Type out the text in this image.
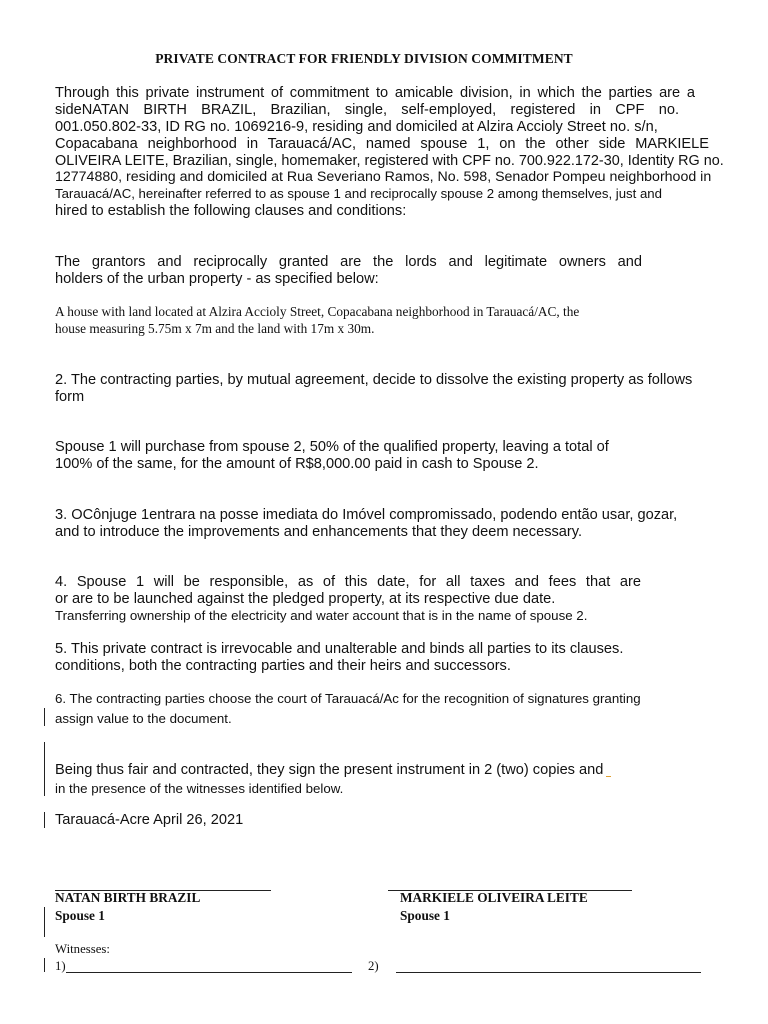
PRIVATE CONTRACT FOR FRIENDLY DIVISION COMMITMENT
Through this private instrument of commitment to amicable division, in which the parties are a
sideNATAN BIRTH BRAZIL, Brazilian, single, self-employed, registered in CPF no.
001.050.802-33, ID RG no. 1069216-9, residing and domiciled at Alzira Accioly Street no. s/n,
Copacabana neighborhood in Tarauacá/AC, named spouse 1, on the other side MARKIELE
OLIVEIRA LEITE, Brazilian, single, homemaker, registered with CPF no. 700.922.172-30, Identity RG no.
12774880, residing and domiciled at Rua Severiano Ramos, No. 598, Senador Pompeu neighborhood in
Tarauacá/AC, hereinafter referred to as spouse 1 and reciprocally spouse 2 among themselves, just and
hired to establish the following clauses and conditions:
The grantors and reciprocally granted are the lords and legitimate owners and
holders of the urban property - as specified below:
A house with land located at Alzira Accioly Street, Copacabana neighborhood in Tarauacá/AC, the
house measuring 5.75m x 7m and the land with 17m x 30m.
2. The contracting parties, by mutual agreement, decide to dissolve the existing property as follows
form
Spouse 1 will purchase from spouse 2, 50% of the qualified property, leaving a total of
100% of the same, for the amount of R$8,000.00 paid in cash to Spouse 2.
3. OCônjuge 1entrara na posse imediata do Imóvel compromissado, podendo então usar, gozar,
and to introduce the improvements and enhancements that they deem necessary.
4. Spouse 1 will be responsible, as of this date, for all taxes and fees that are
or are to be launched against the pledged property, at its respective due date.
Transferring ownership of the electricity and water account that is in the name of spouse 2.
5. This private contract is irrevocable and unalterable and binds all parties to its clauses.
conditions, both the contracting parties and their heirs and successors.
6. The contracting parties choose the court of Tarauacá/Ac for the recognition of signatures granting
assign value to the document.
Being thus fair and contracted, they sign the present instrument in 2 (two) copies and
in the presence of the witnesses identified below.
Tarauacá-Acre April 26, 2021
NATAN BIRTH BRAZIL
Spouse 1
MARKIELE OLIVEIRA LEITE
Spouse 1
Witnesses:
1)	2)
